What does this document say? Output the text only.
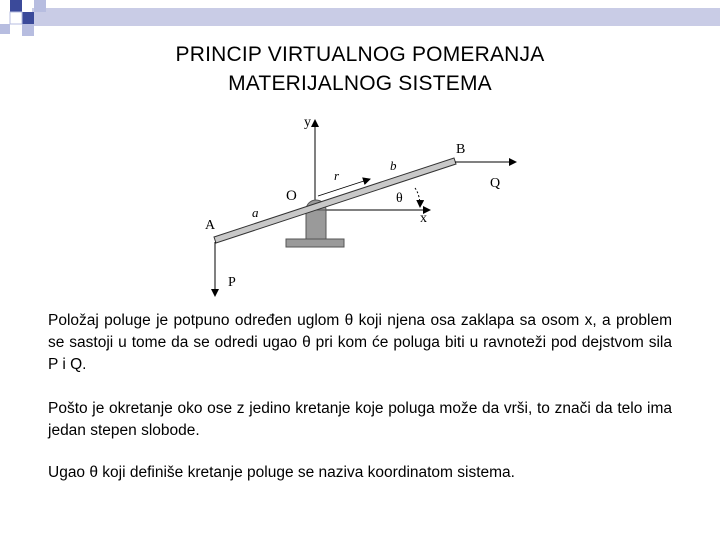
PRINCIP VIRTUALNOG POMERANJA
MATERIJALNOG SISTEMA
y
x
B
Q
O
A
P
r
a
b
θ
Položaj poluge je potpuno određen uglom θ koji njena osa zaklapa sa osom x, a problem se sastoji u tome da se odredi ugao θ pri kom će poluga biti u ravnoteži pod dejstvom sila P i Q.
Pošto je okretanje oko ose z jedino kretanje koje poluga može da vrši, to znači da telo ima jedan stepen slobode.
Ugao θ koji definiše kretanje poluge se naziva koordinatom sistema.
